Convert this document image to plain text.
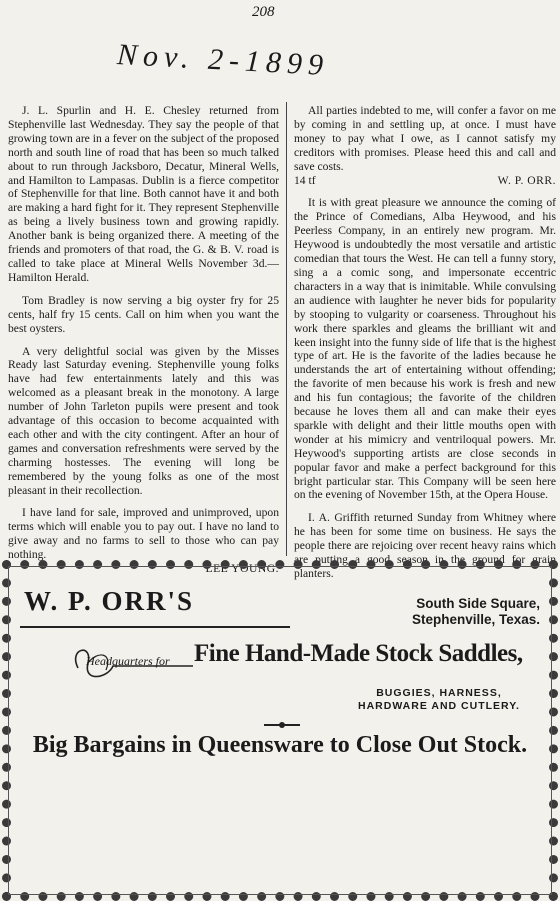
208
Nov. 2-1899

J. L. Spurlin and H. E. Chesley returned from Stephenville last Wednesday. They say the people of that growing town are in a fever on the subject of the proposed north and south line of road that has been so much talked about to run through Jacksboro, Decatur, Mineral Wells, and Hamilton to Lampasas. Dublin is a fierce competitor of Stephenville for that line. Both cannot have it and both are making a hard fight for it. They represent Stephenville as being a lively business town and growing rapidly. Another bank is being organized there. A meeting of the friends and promoters of that road, the G. & B. V. road is called to take place at Mineral Wells November 3d.—Hamilton Herald.

Tom Bradley is now serving a big oyster fry for 25 cents, half fry 15 cents. Call on him when you want the best oysters.

A very delightful social was given by the Misses Ready last Saturday evening. Stephenville young folks have had few entertainments lately and this was welcomed as a pleasant break in the monotony. A large number of John Tarleton pupils were present and took advantage of this occasion to become acquainted with each other and with the city contingent. After an hour of games and conversation refreshments were served by the charming hostesses. The evening will long be remembered by the young folks as one of the most pleasant in their recollection.

I have land for sale, improved and unimproved, upon terms which will enable you to pay out. I have no land to give away and no farms to sell to those who can pay nothing.

LEE YOUNG.

All parties indebted to me, will confer a favor on me by coming in and settling up, at once. I must have money to pay what I owe, as I cannot satisfy my creditors with promises. Please heed this and call and save costs.

14 tf	W. P. ORR.

It is with great pleasure we announce the coming of the Prince of Comedians, Alba Heywood, and his Peerless Company, in an entirely new program. Mr. Heywood is undoubtedly the most versatile and artistic comedian that tours the West. He can tell a funny story, sing a a comic song, and impersonate eccentric characters in a way that is inimitable. While convulsing an audience with laughter he never bids for popularity by stooping to vulgarity or coarseness. Throughout his work there sparkles and gleams the brilliant wit and keen insight into the funny side of life that is the highest type of art. He is the favorite of the ladies because he understands the art of entertaining without offending; the favorite of men because his work is fresh and new and his fun contagious; the favorite of the children because he loves them all and can make their eyes sparkle with delight and their little mouths open with wonder at his mimicry and ventriloqual powers. Mr. Heywood's supporting artists are close seconds in popular favor and make a perfect background for this bright particular star. This Company will be seen here on the evening of November 15th, at the Opera House.

I. A. Griffith returned Sunday from Whitney where he has been for some time on business. He says the people there are rejoicing over recent heavy rains which are putting a good season in the ground for grain planters.

W. P. ORR'S	South Side Square,
Stephenville, Texas.
Headquarters for Fine Hand-Made Stock Saddles,
BUGGIES, HARNESS,
HARDWARE AND CUTLERY.
Big Bargains in Queensware to Close Out Stock.
